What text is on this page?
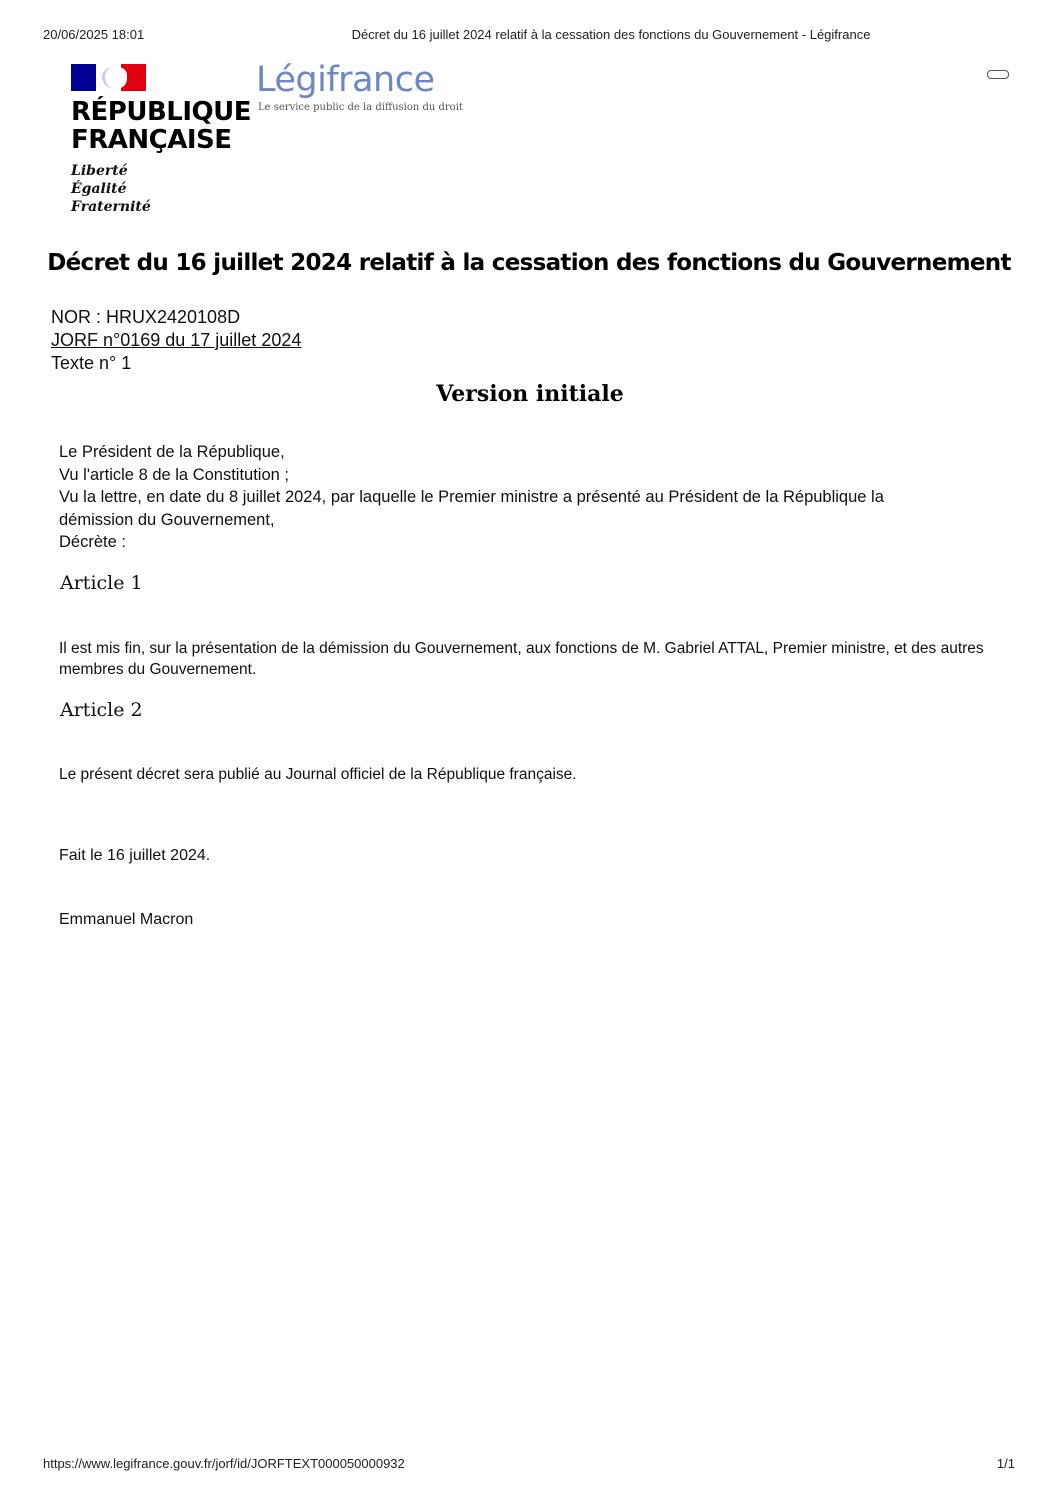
20/06/2025 18:01	Décret du 16 juillet 2024 relatif à la cessation des fonctions du Gouvernement - Légifrance
RÉPUBLIQUE
FRANÇAISE
Liberté
Égalité
Fraternité
Légifrance
Le service public de la diffusion du droit
Décret du 16 juillet 2024 relatif à la cessation des fonctions du Gouvernement
NOR : HRUX2420108D
JORF n°0169 du 17 juillet 2024
Texte n° 1
Version initiale
Le Président de la République,
Vu l'article 8 de la Constitution ;
Vu la lettre, en date du 8 juillet 2024, par laquelle le Premier ministre a présenté au Président de la République la démission du Gouvernement,
Décrète :
Article 1
Il est mis fin, sur la présentation de la démission du Gouvernement, aux fonctions de M. Gabriel ATTAL, Premier ministre, et des autres membres du Gouvernement.
Article 2
Le présent décret sera publié au Journal officiel de la République française.
Fait le 16 juillet 2024.
Emmanuel Macron
https://www.legifrance.gouv.fr/jorf/id/JORFTEXT000050000932	1/1
